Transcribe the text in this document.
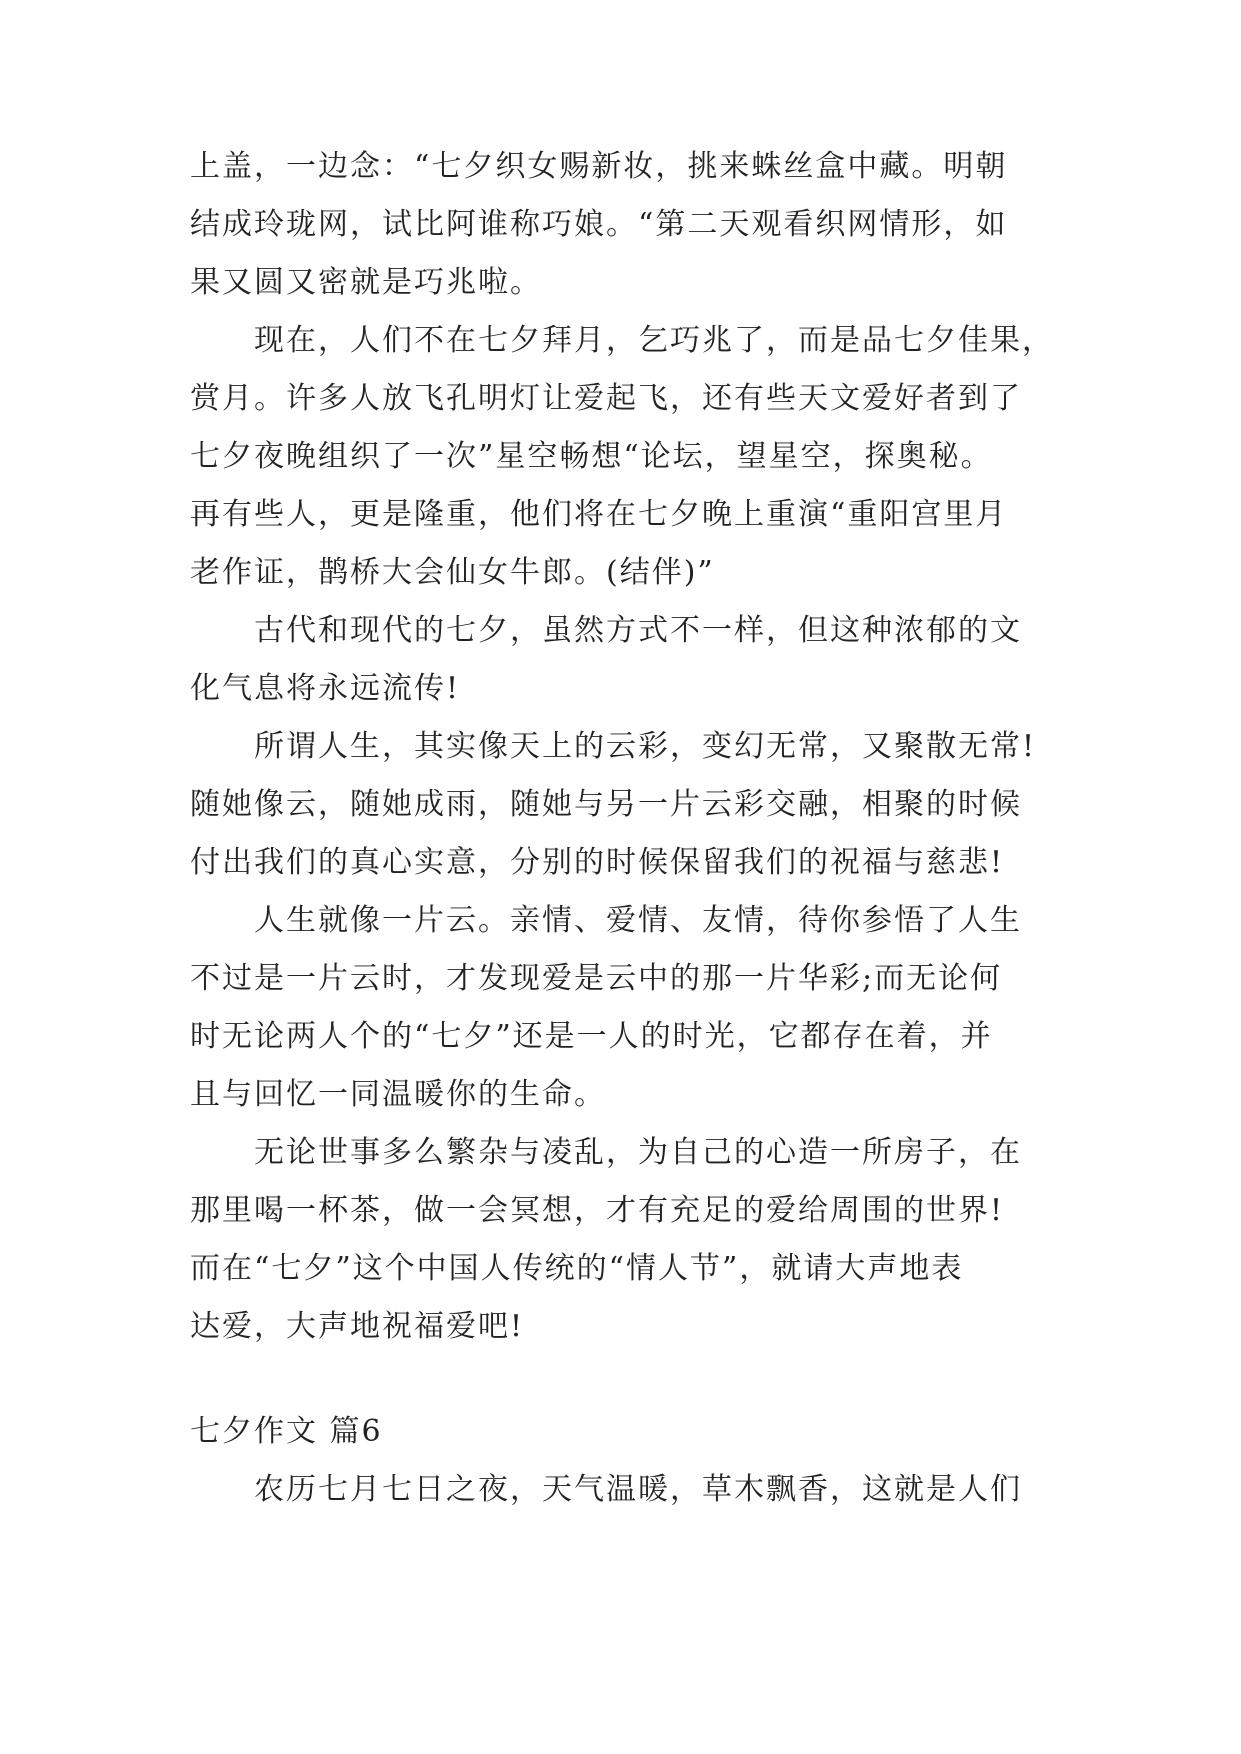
上盖，一边念：“七夕织女赐新妆，挑来蛛丝盒中藏。明朝
结成玲珑网，试比阿谁称巧娘。“第二天观看织网情形，如
果又圆又密就是巧兆啦。
现在，人们不在七夕拜月，乞巧兆了，而是品七夕佳果，
赏月。许多人放飞孔明灯让爱起飞，还有些天文爱好者到了
七夕夜晚组织了一次”星空畅想“论坛，望星空，探奥秘。
再有些人，更是隆重，他们将在七夕晚上重演“重阳宫里月
老作证，鹊桥大会仙女牛郎。(结伴)”
古代和现代的七夕，虽然方式不一样，但这种浓郁的文
化气息将永远流传!
所谓人生，其实像天上的云彩，变幻无常，又聚散无常!
随她像云，随她成雨，随她与另一片云彩交融，相聚的时候
付出我们的真心实意，分别的时候保留我们的祝福与慈悲!
人生就像一片云。亲情、爱情、友情，待你参悟了人生
不过是一片云时，才发现爱是云中的那一片华彩;而无论何
时无论两人个的“七夕”还是一人的时光，它都存在着，并
且与回忆一同温暖你的生命。
无论世事多么繁杂与凌乱，为自己的心造一所房子，在
那里喝一杯茶，做一会冥想，才有充足的爱给周围的世界!
而在“七夕”这个中国人传统的“情人节”，就请大声地表
达爱，大声地祝福爱吧!
七夕作文 篇6
农历七月七日之夜，天气温暖，草木飘香，这就是人们
